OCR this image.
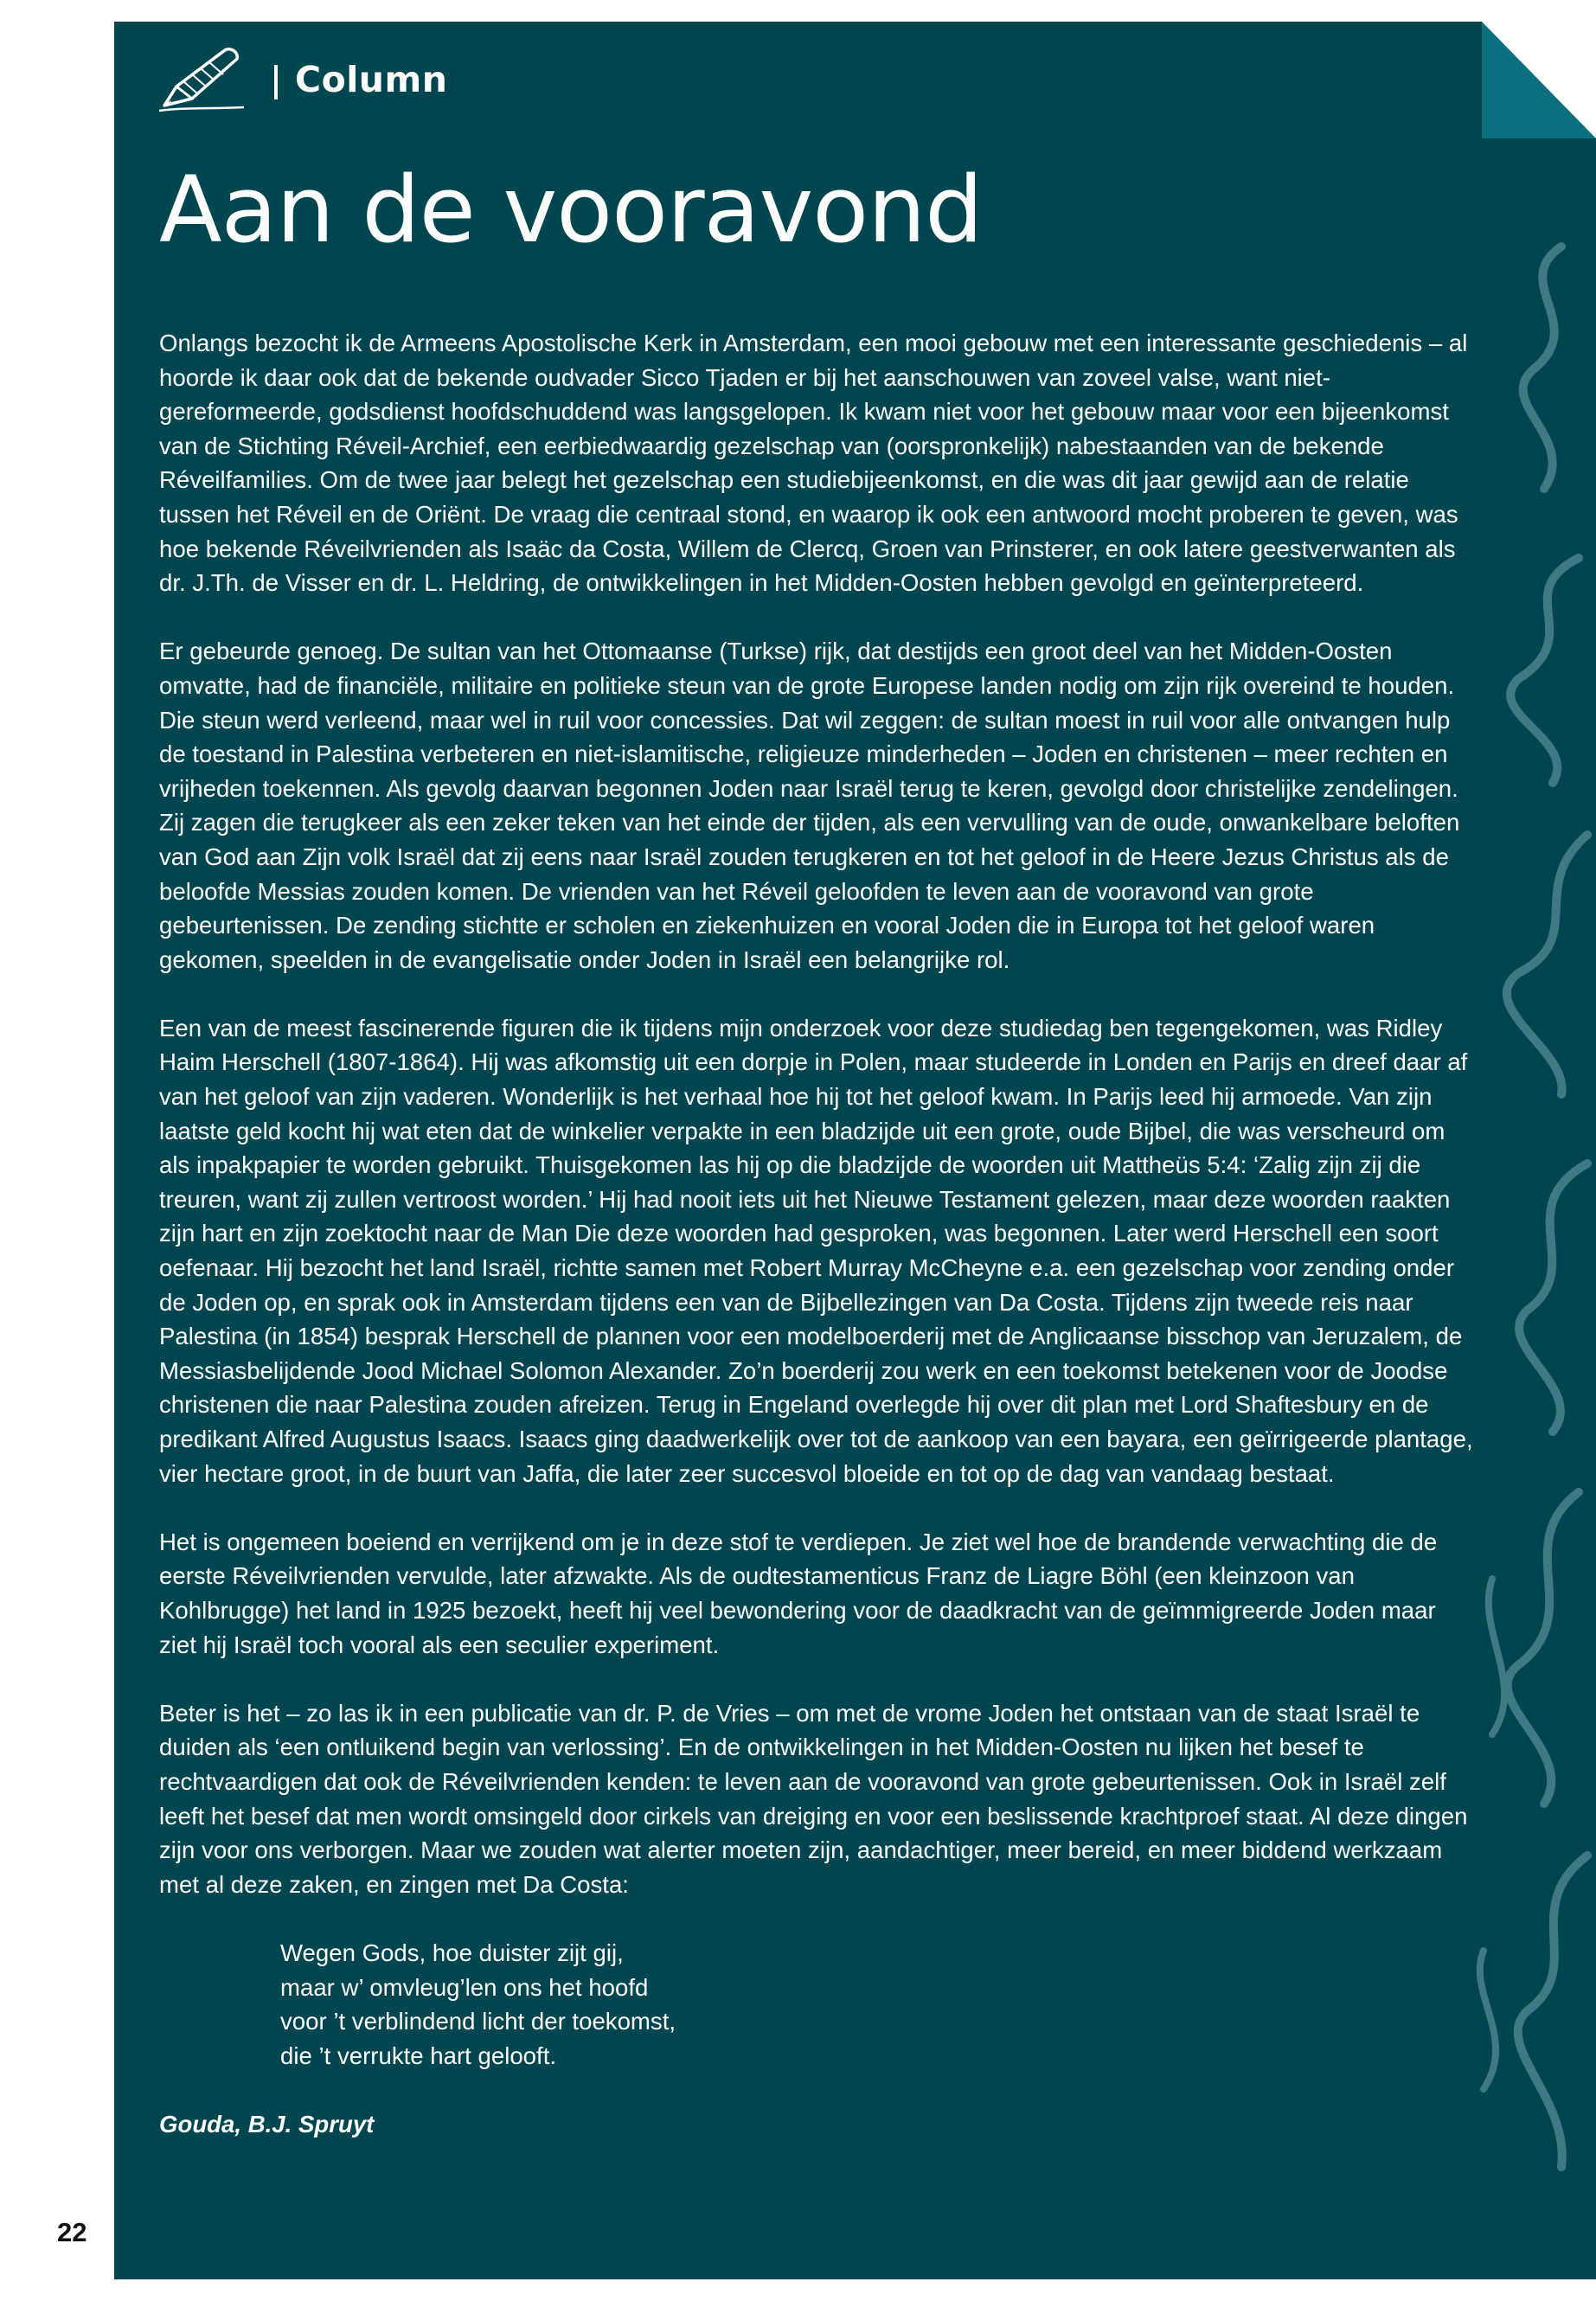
Column
Aan de vooravond

Onlangs bezocht ik de Armeens Apostolische Kerk in Amsterdam, een mooi gebouw met een interessante geschiedenis – al hoorde ik daar ook dat de bekende oudvader Sicco Tjaden er bij het aanschouwen van zoveel valse, want niet-gereformeerde, godsdienst hoofdschuddend was langsgelopen. Ik kwam niet voor het gebouw maar voor een bijeenkomst van de Stichting Réveil-Archief, een eerbiedwaardig gezelschap van (oorspronkelijk) nabestaanden van de bekende Réveilfamilies. Om de twee jaar belegt het gezelschap een studiebijeenkomst, en die was dit jaar gewijd aan de relatie tussen het Réveil en de Oriënt. De vraag die centraal stond, en waarop ik ook een antwoord mocht proberen te geven, was hoe bekende Réveilvrienden als Isaäc da Costa, Willem de Clercq, Groen van Prinsterer, en ook latere geestverwanten als dr. J.Th. de Visser en dr. L. Heldring, de ontwikkelingen in het Midden-Oosten hebben gevolgd en geïnterpreteerd.

Er gebeurde genoeg. De sultan van het Ottomaanse (Turkse) rijk, dat destijds een groot deel van het Midden-Oosten omvatte, had de financiële, militaire en politieke steun van de grote Europese landen nodig om zijn rijk overeind te houden. Die steun werd verleend, maar wel in ruil voor concessies. Dat wil zeggen: de sultan moest in ruil voor alle ontvangen hulp de toestand in Palestina verbeteren en niet-islamitische, religieuze minderheden – Joden en christenen – meer rechten en vrijheden toekennen. Als gevolg daarvan begonnen Joden naar Israël terug te keren, gevolgd door christelijke zendelingen. Zij zagen die terugkeer als een zeker teken van het einde der tijden, als een vervulling van de oude, onwankelbare beloften van God aan Zijn volk Israël dat zij eens naar Israël zouden terugkeren en tot het geloof in de Heere Jezus Christus als de beloofde Messias zouden komen. De vrienden van het Réveil geloofden te leven aan de vooravond van grote gebeurtenissen. De zending stichtte er scholen en ziekenhuizen en vooral Joden die in Europa tot het geloof waren gekomen, speelden in de evangelisatie onder Joden in Israël een belangrijke rol.

Een van de meest fascinerende figuren die ik tijdens mijn onderzoek voor deze studiedag ben tegengekomen, was Ridley Haim Herschell (1807-1864). Hij was afkomstig uit een dorpje in Polen, maar studeerde in Londen en Parijs en dreef daar af van het geloof van zijn vaderen. Wonderlijk is het verhaal hoe hij tot het geloof kwam. In Parijs leed hij armoede. Van zijn laatste geld kocht hij wat eten dat de winkelier verpakte in een bladzijde uit een grote, oude Bijbel, die was verscheurd om als inpakpapier te worden gebruikt. Thuisgekomen las hij op die bladzijde de woorden uit Mattheüs 5:4: ‘Zalig zijn zij die treuren, want zij zullen vertroost worden.’ Hij had nooit iets uit het Nieuwe Testament gelezen, maar deze woorden raakten zijn hart en zijn zoektocht naar de Man Die deze woorden had gesproken, was begonnen. Later werd Herschell een soort oefenaar. Hij bezocht het land Israël, richtte samen met Robert Murray McCheyne e.a. een gezelschap voor zending onder de Joden op, en sprak ook in Amsterdam tijdens een van de Bijbellezingen van Da Costa. Tijdens zijn tweede reis naar Palestina (in 1854) besprak Herschell de plannen voor een modelboerderij met de Anglicaanse bisschop van Jeruzalem, de Messiasbelijdende Jood Michael Solomon Alexander. Zo’n boerderij zou werk en een toekomst betekenen voor de Joodse christenen die naar Palestina zouden afreizen. Terug in Engeland overlegde hij over dit plan met Lord Shaftesbury en de predikant Alfred Augustus Isaacs. Isaacs ging daadwerkelijk over tot de aankoop van een bayara, een geïrrigeerde plantage, vier hectare groot, in de buurt van Jaffa, die later zeer succesvol bloeide en tot op de dag van vandaag bestaat.

Het is ongemeen boeiend en verrijkend om je in deze stof te verdiepen. Je ziet wel hoe de brandende verwachting die de eerste Réveilvrienden vervulde, later afzwakte. Als de oudtestamenticus Franz de Liagre Böhl (een kleinzoon van Kohlbrugge) het land in 1925 bezoekt, heeft hij veel bewondering voor de daadkracht van de geïmmigreerde Joden maar ziet hij Israël toch vooral als een seculier experiment.

Beter is het – zo las ik in een publicatie van dr. P. de Vries – om met de vrome Joden het ontstaan van de staat Israël te duiden als ‘een ontluikend begin van verlossing’. En de ontwikkelingen in het Midden-Oosten nu lijken het besef te rechtvaardigen dat ook de Réveilvrienden kenden: te leven aan de vooravond van grote gebeurtenissen. Ook in Israël zelf leeft het besef dat men wordt omsingeld door cirkels van dreiging en voor een beslissende krachtproef staat. Al deze dingen zijn voor ons verborgen. Maar we zouden wat alerter moeten zijn, aandachtiger, meer bereid, en meer biddend werkzaam met al deze zaken, en zingen met Da Costa:

Wegen Gods, hoe duister zijt gij,
maar w’ omvleug’len ons het hoofd
voor ’t verblindend licht der toekomst,
die ’t verrukte hart gelooft.

Gouda, B.J. Spruyt

22
